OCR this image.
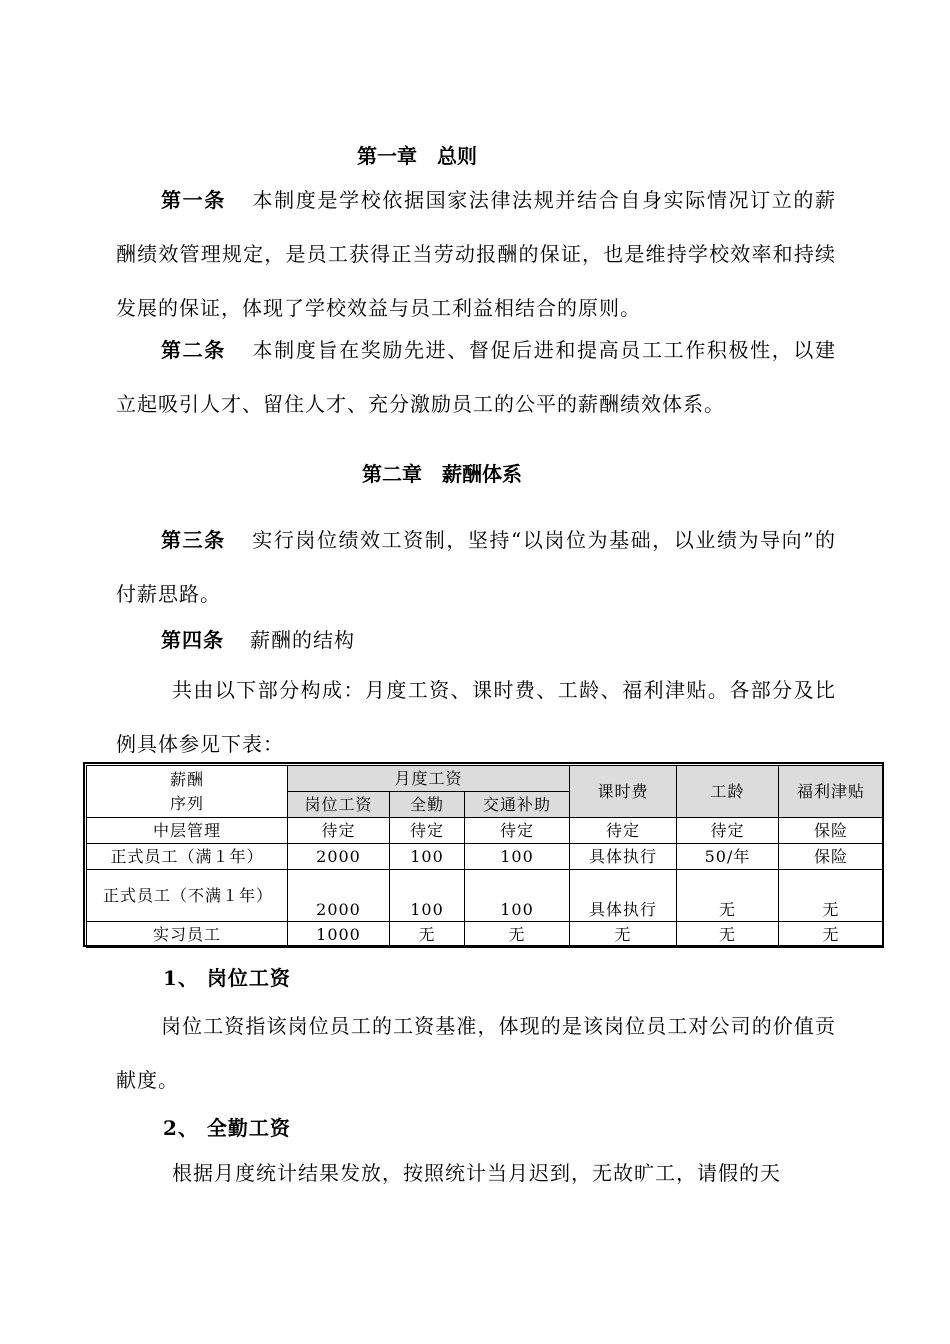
第一章　总则
第一条 本制度是学校依据国家法律法规并结合自身实际情况订立的薪酬绩效管理规定，是员工获得正当劳动报酬的保证，也是维持学校效率和持续发展的保证，体现了学校效益与员工利益相结合的原则。
第二条 本制度旨在奖励先进、督促后进和提高员工工作积极性，以建立起吸引人才、留住人才、充分激励员工的公平的薪酬绩效体系。
第二章　薪酬体系
第三条 实行岗位绩效工资制，坚持“以岗位为基础，以业绩为导向”的付薪思路。
第四条 薪酬的结构
共由以下部分构成：月度工资、课时费、工龄、福利津贴。各部分及比例具体参见下表：
薪酬
序列	月度工资			课时费	工龄	福利津贴
	岗位工资	全勤	交通补助			
中层管理	待定	待定	待定	待定	待定	保险
正式员工（满１年）	2000	100	100	具体执行	50/年	保险
正式员工（不满１年）	2000	100	100	具体执行	无	无
实习员工	1000	无	无	无	无	无
1、 岗位工资
岗位工资指该岗位员工的工资基准，体现的是该岗位员工对公司的价值贡献度。
2、 全勤工资
根据月度统计结果发放，按照统计当月迟到，无故旷工，请假的天
